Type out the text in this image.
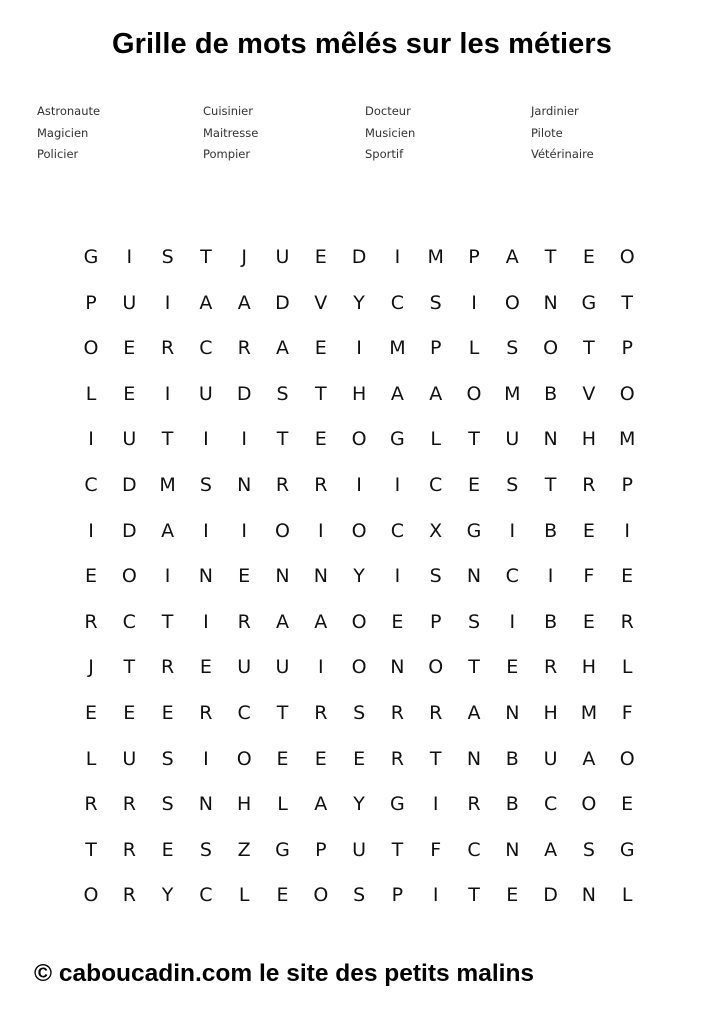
Grille de mots mêlés sur les métiers
Astronaute	Cuisinier	Docteur	Jardinier
Magicien	Maitresse	Musicien	Pilote
Policier	Pompier	Sportif	Vétérinaire
G	I	S	T	J	U	E	D	I	M	P	A	T	E	O
P	U	I	A	A	D	V	Y	C	S	I	O	N	G	T
O	E	R	C	R	A	E	I	M	P	L	S	O	T	P
L	E	I	U	D	S	T	H	A	A	O	M	B	V	O
I	U	T	I	I	T	E	O	G	L	T	U	N	H	M
C	D	M	S	N	R	R	I	I	C	E	S	T	R	P
I	D	A	I	I	O	I	O	C	X	G	I	B	E	I
E	O	I	N	E	N	N	Y	I	S	N	C	I	F	E
R	C	T	I	R	A	A	O	E	P	S	I	B	E	R
J	T	R	E	U	U	I	O	N	O	T	E	R	H	L
E	E	E	R	C	T	R	S	R	R	A	N	H	M	F
L	U	S	I	O	E	E	E	R	T	N	B	U	A	O
R	R	S	N	H	L	A	Y	G	I	R	B	C	O	E
T	R	E	S	Z	G	P	U	T	F	C	N	A	S	G
O	R	Y	C	L	E	O	S	P	I	T	E	D	N	L
© caboucadin.com le site des petits malins
